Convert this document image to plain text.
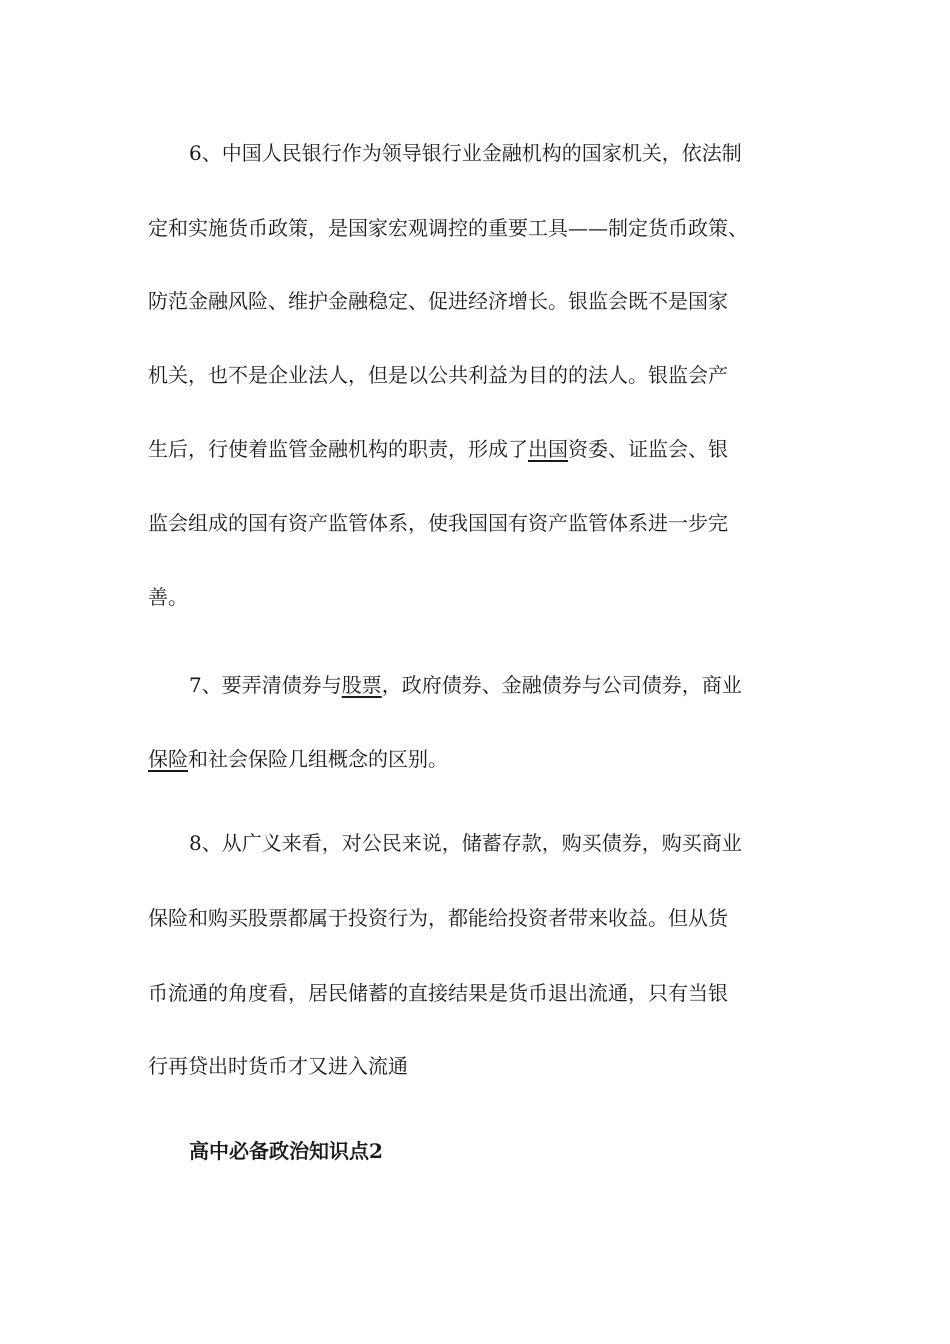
6、中国人民银行作为领导银行业金融机构的国家机关，依法制
定和实施货币政策，是国家宏观调控的重要工具——制定货币政策、
防范金融风险、维护金融稳定、促进经济增长。银监会既不是国家
机关，也不是企业法人，但是以公共利益为目的的法人。银监会产
生后，行使着监管金融机构的职责，形成了出国资委、证监会、银
监会组成的国有资产监管体系，使我国国有资产监管体系进一步完
善。
7、要弄清债券与股票，政府债券、金融债券与公司债券，商业
保险和社会保险几组概念的区别。
8、从广义来看，对公民来说，储蓄存款，购买债券，购买商业
保险和购买股票都属于投资行为，都能给投资者带来收益。但从货
币流通的角度看，居民储蓄的直接结果是货币退出流通，只有当银
行再贷出时货币才又进入流通
高中必备政治知识点2
